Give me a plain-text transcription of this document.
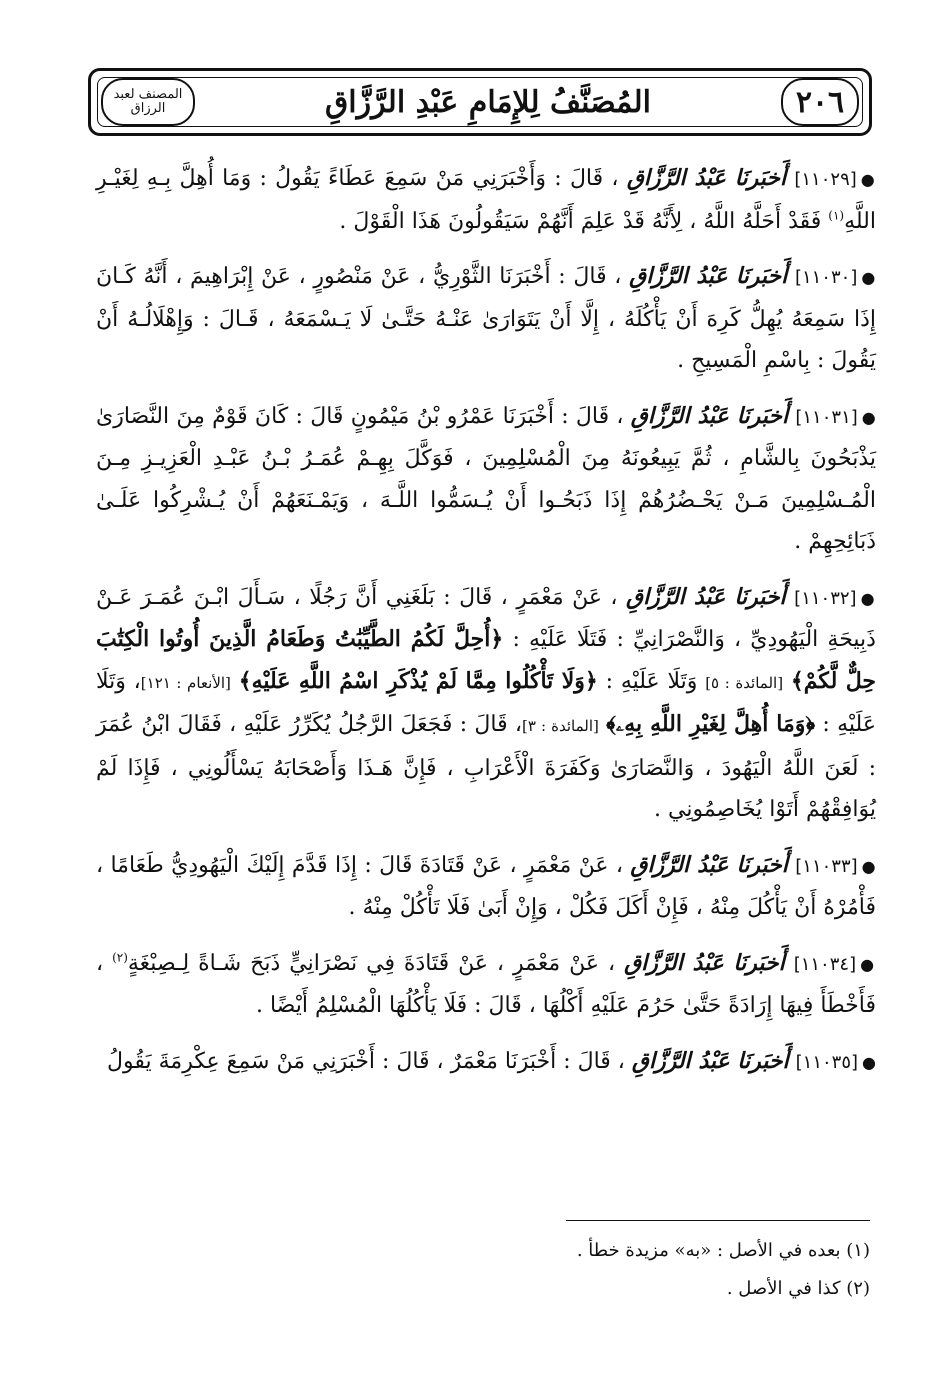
المصنف لعبد الرزاق	المُصَنَّفُ لِلإِمَامِ عَبْدِ الرَّزَّاقِ	٢٠٦

●[١١٠٢٩] أَخبَرنَا عَبْدُ الرَّزَّاقِ ، قَالَ : وَأَخْبَرَنِي مَنْ سَمِعَ عَطَاءً يَقُولُ : وَمَا أُهِلَّ بِـهِ لِغَيْـرِ اللَّهِ$^{(١)}$ فَقَدْ أَحَلَّهُ اللَّهُ ، لِأَنَّهُ قَدْ عَلِمَ أَنَّهُمْ سَيَقُولُونَ هَذَا الْقَوْلَ .

●[١١٠٣٠] أَخبَرنَا عَبْدُ الرَّزَّاقِ ، قَالَ : أَخْبَرَنَا الثَّوْرِيُّ ، عَنْ مَنْصُورٍ ، عَنْ إِبْرَاهِيمَ ، أَنَّهُ كَـانَ إِذَا سَمِعَهُ يُهِلُّ كَرِهَ أَنْ يَأْكُلَهُ ، إِلَّا أَنْ يَتَوَارَىٰ عَنْـهُ حَتَّـىٰ لَا يَـسْمَعَهُ ، قَـالَ : وَإِهْلَالُـهُ أَنْ يَقُولَ : بِاسْمِ الْمَسِيحِ .

●[١١٠٣١] أَخبَرنَا عَبْدُ الرَّزَّاقِ ، قَالَ : أَخْبَرَنَا عَمْرُو بْنُ مَيْمُونٍ قَالَ : كَانَ قَوْمٌ مِنَ النَّصَارَىٰ يَذْبَحُونَ بِالشَّامِ ، ثُمَّ يَبِيعُونَهُ مِنَ الْمُسْلِمِينَ ، فَوَكَّلَ بِهِـمْ عُمَـرُ بْـنُ عَبْـدِ الْعَزِيـزِ مِـنَ الْمُـسْلِمِينَ مَـنْ يَحْـضُرُهُمْ إِذَا ذَبَحُـوا أَنْ يُـسَمُّوا اللَّـهَ ، وَيَمْـنَعَهُمْ أَنْ يُـشْرِكُوا عَلَـىٰ ذَبَائِحِهِمْ .

●[١١٠٣٢] أَخبَرنَا عَبْدُ الرَّزَّاقِ ، عَنْ مَعْمَرٍ ، قَالَ : بَلَغَنِي أَنَّ رَجُلًا ، سَـأَلَ ابْـنَ عُمَـرَ عَـنْ ذَبِيحَةِ الْيَهُودِيِّ ، وَالنَّصْرَانِيِّ : فَتَلَا عَلَيْهِ : ﴿أُحِلَّ لَكُمُ الطَّيِّبَٰتُ وَطَعَامُ الَّذِينَ أُوتُوا الْكِتَٰبَ حِلٌّ لَّكُمْ﴾ [المائدة : ٥] وَتَلَا عَلَيْهِ : ﴿وَلَا تَأْكُلُوا مِمَّا لَمْ يُذْكَرِ اسْمُ اللَّهِ عَلَيْهِ﴾ [الأنعام : ١٢١]، وَتَلَا عَلَيْهِ : ﴿وَمَا أُهِلَّ لِغَيْرِ اللَّهِ بِهِۦ﴾ [المائدة : ٣]، قَالَ : فَجَعَلَ الرَّجُلُ يُكَرِّرُ عَلَيْهِ ، فَقَالَ ابْنُ عُمَرَ : لَعَنَ اللَّهُ الْيَهُودَ ، وَالنَّصَارَىٰ وَكَفَرَةَ الْأَعْرَابِ ، فَإِنَّ هَـذَا وَأَصْحَابَهُ يَسْأَلُونِي ، فَإِذَا لَمْ يُوَافِقْهُمْ أَتَوْا يُخَاصِمُونِي .

●[١١٠٣٣] أَخبَرنَا عَبْدُ الرَّزَّاقِ ، عَنْ مَعْمَرٍ ، عَنْ قَتَادَةَ قَالَ : إِذَا قَدَّمَ إِلَيْكَ الْيَهُودِيُّ طَعَامًا ، فَأْمُرْهُ أَنْ يَأْكُلَ مِنْهُ ، فَإِنْ أَكَلَ فَكُلْ ، وَإِنْ أَبَىٰ فَلَا تَأْكُلْ مِنْهُ .

●[١١٠٣٤] أَخبَرنَا عَبْدُ الرَّزَّاقِ ، عَنْ مَعْمَرٍ ، عَنْ قَتَادَةَ فِي نَصْرَانِيٍّ ذَبَحَ شَـاةً لِـصِبْغَةٍ$^{(٢)}$ ، فَأَخْطَأَ فِيهَا إِرَادَةً حَتَّىٰ حَرُمَ عَلَيْهِ أَكْلُهَا ، قَالَ : فَلَا يَأْكُلُهَا الْمُسْلِمُ أَيْضًا .

●[١١٠٣٥] أَخبَرنَا عَبْدُ الرَّزَّاقِ ، قَالَ : أَخْبَرَنَا مَعْمَرٌ ، قَالَ : أَخْبَرَنِي مَنْ سَمِعَ عِكْرِمَةَ يَقُولُ

(١) بعده في الأصل : «به» مزيدة خطأ .
(٢) كذا في الأصل .
